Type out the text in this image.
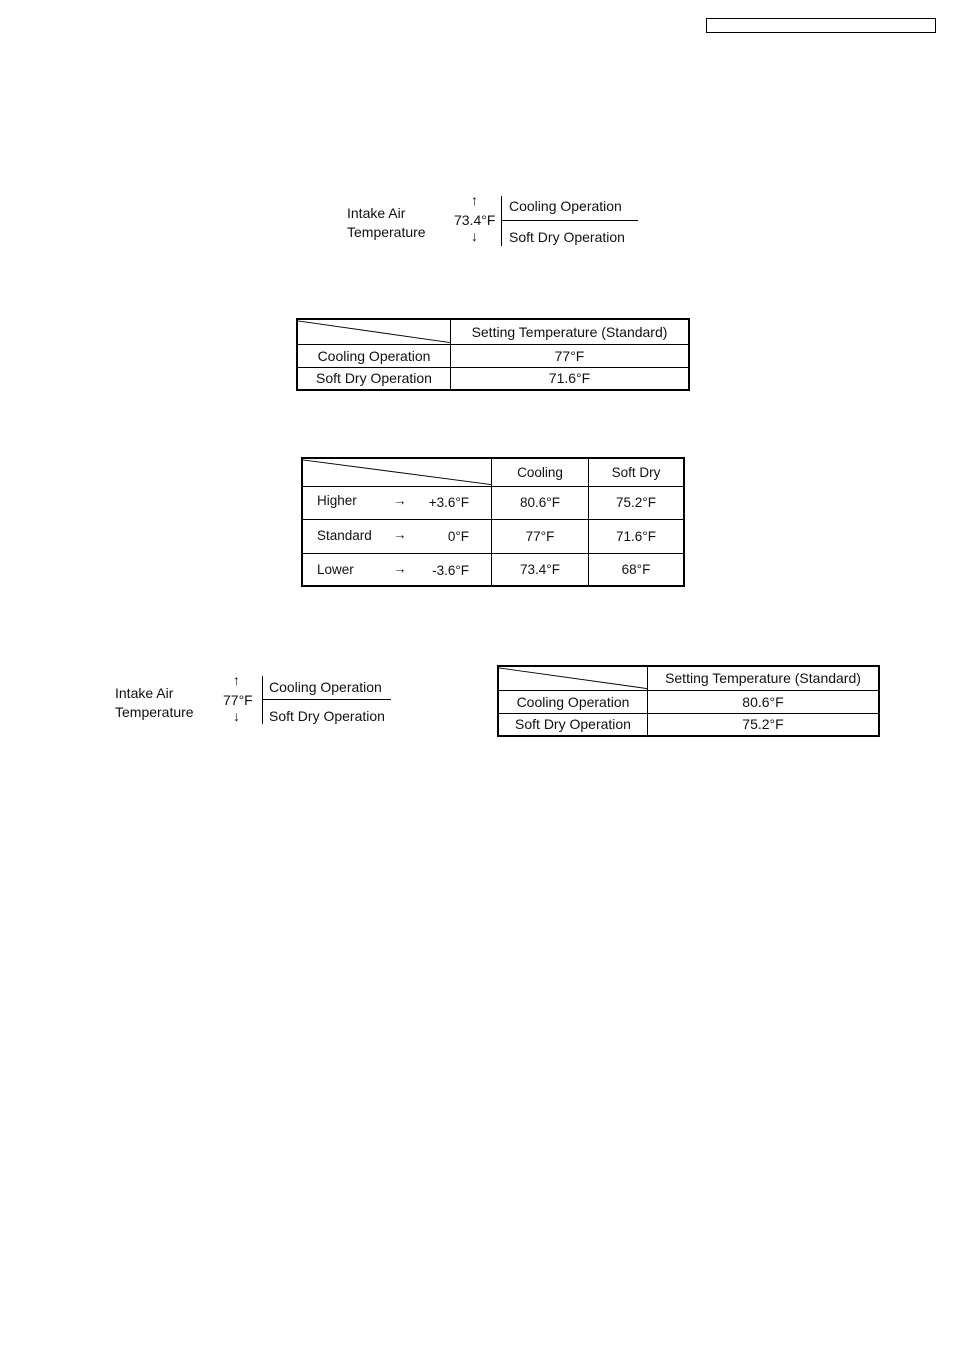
Intake Air
Temperature
↑
73.4°F
↓
Cooling Operation
Soft Dry Operation
	Setting Temperature (Standard)
Cooling Operation	77°F
Soft Dry Operation	71.6°F
	Cooling	Soft Dry

Higher → +3.6°F	80.6°F	75.2°F

Standard → 0°F	77°F	71.6°F

Lower → -3.6°F	73.4°F	68°F
Intake Air
Temperature
↑
77°F
↓
Cooling Operation
Soft Dry Operation
	Setting Temperature (Standard)
Cooling Operation	80.6°F
Soft Dry Operation	75.2°F
